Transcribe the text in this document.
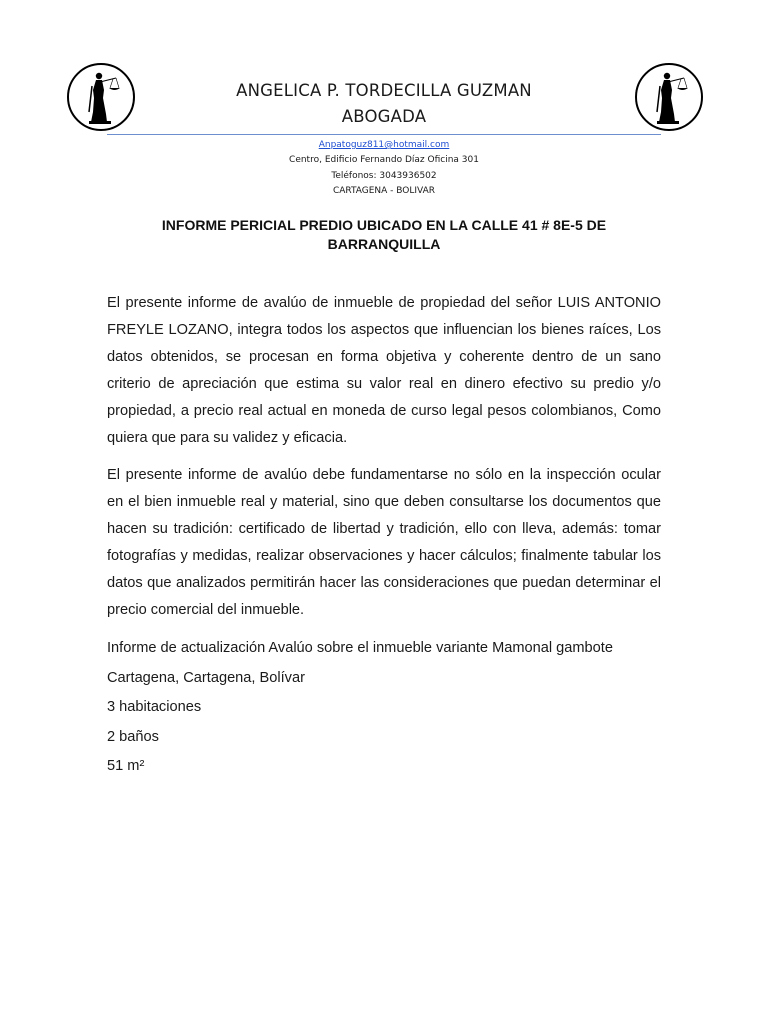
ANGELICA P. TORDECILLA GUZMAN
ABOGADA
Anpatoguz811@hotmail.com
Centro, Edificio Fernando Díaz Oficina 301
Teléfonos: 3043936502
CARTAGENA - BOLIVAR
INFORME PERICIAL PREDIO UBICADO EN LA CALLE 41 # 8E-5 DE
BARRANQUILLA

El presente informe de avalúo de inmueble de propiedad del señor LUIS ANTONIO FREYLE LOZANO, integra todos los aspectos que influencian los bienes raíces, Los datos obtenidos, se procesan en forma objetiva y coherente dentro de un sano criterio de apreciación que estima su valor real en dinero efectivo su predio y/o propiedad, a precio real actual en moneda de curso legal pesos colombianos, Como quiera que para su validez y eficacia.

El presente informe de avalúo debe fundamentarse no sólo en la inspección ocular en el bien inmueble real y material, sino que deben consultarse los documentos que hacen su tradición: certificado de libertad y tradición, ello con lleva, además: tomar fotografías y medidas, realizar observaciones y hacer cálculos; finalmente tabular los datos que analizados permitirán hacer las consideraciones que puedan determinar el precio comercial del inmueble.

Informe de actualización Avalúo sobre el inmueble variante Mamonal gambote

Cartagena, Cartagena, Bolívar

3 habitaciones

2 baños

51 m²
